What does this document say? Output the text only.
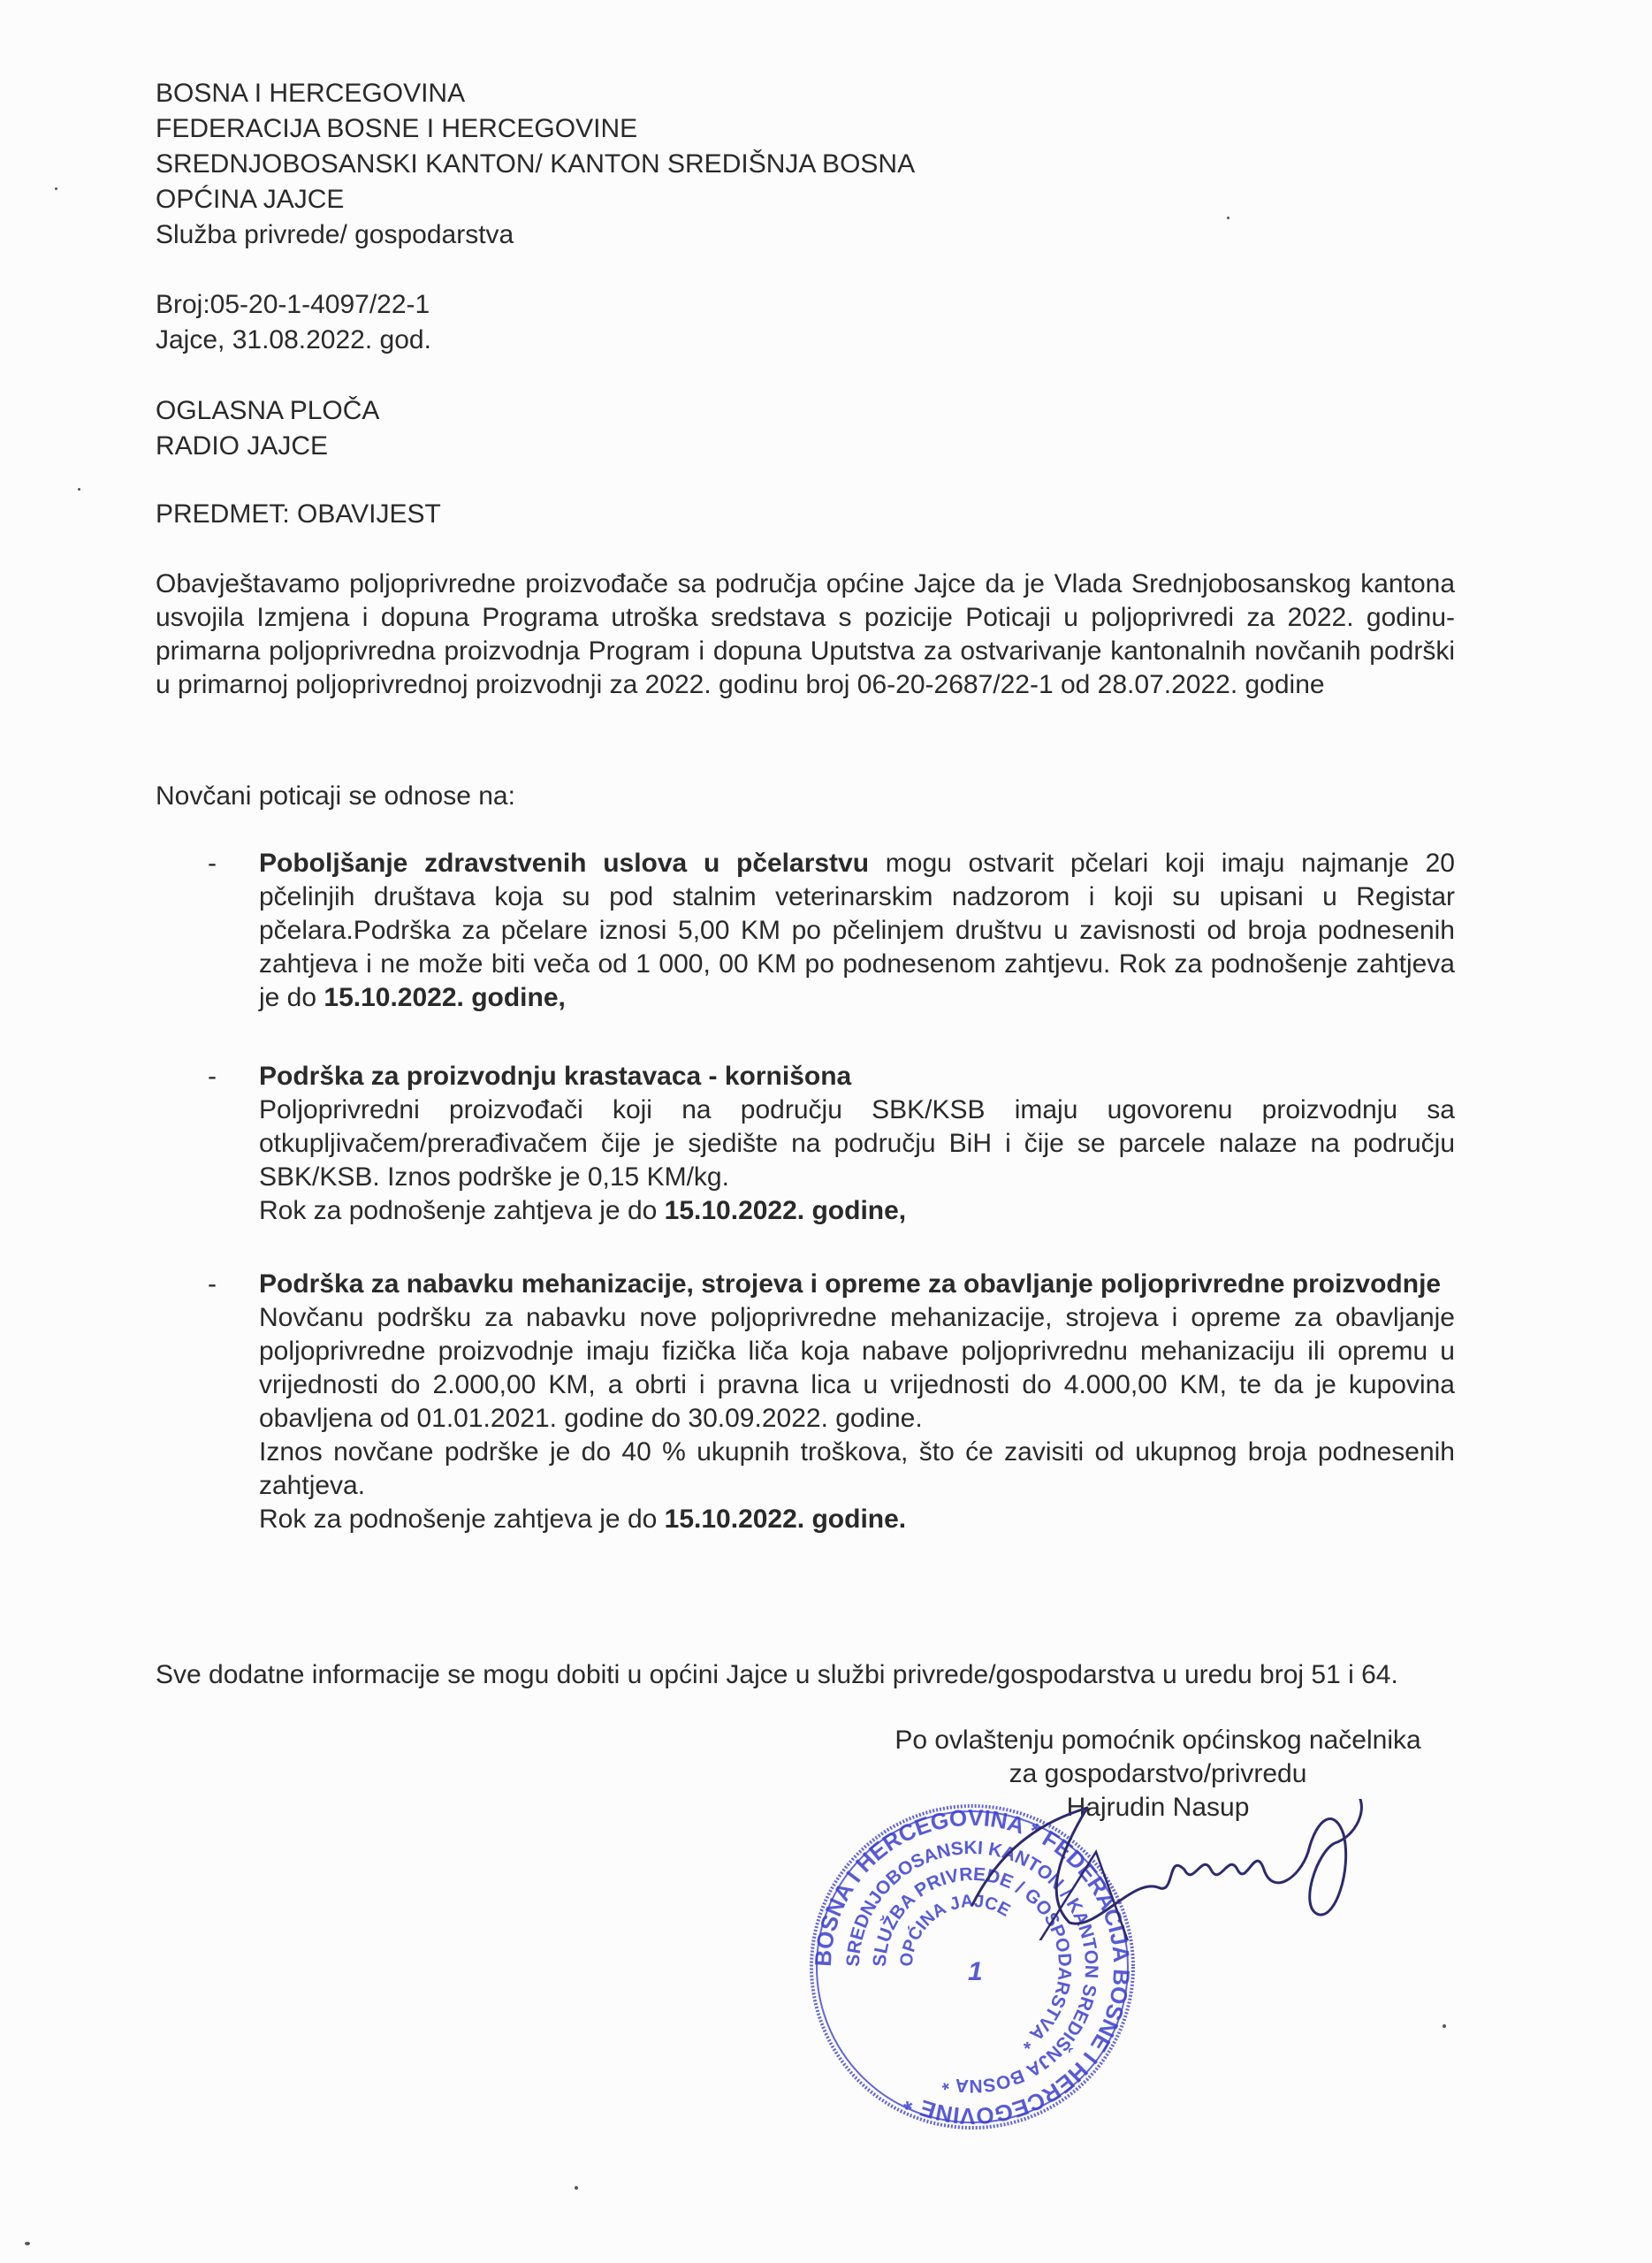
BOSNA I HERCEGOVINA
FEDERACIJA BOSNE I HERCEGOVINE
SREDNJOBOSANSKI KANTON/ KANTON SREDIŠNJA BOSNA
OPĆINA JAJCE
Služba privrede/ gospodarstva
Broj:05-20-1-4097/22-1
Jajce, 31.08.2022. god.
OGLASNA PLOČA
RADIO JAJCE
PREDMET: OBAVIJEST
Obavještavamo poljoprivredne proizvođače sa područja općine Jajce da je Vlada Srednjobosanskog kantona usvojila Izmjena i dopuna Programa utroška sredstava s pozicije Poticaji u poljoprivredi za 2022. godinu-primarna poljoprivredna proizvodnja Program i dopuna Uputstva za ostvarivanje kantonalnih novčanih podrški u primarnoj poljoprivrednoj proizvodnji za 2022. godinu broj 06-20-2687/22-1 od 28.07.2022. godine
Novčani poticaji se odnose na:
-	Poboljšanje zdravstvenih uslova u pčelarstvu mogu ostvarit pčelari koji imaju najmanje 20 pčelinjih društava koja su pod stalnim veterinarskim nadzorom i koji su upisani u Registar pčelara.Podrška za pčelare iznosi 5,00 KM po pčelinjem društvu u zavisnosti od broja podnesenih zahtjeva i ne može biti veča od 1 000, 00 KM po podnesenom zahtjevu. Rok za podnošenje zahtjeva je do 15.10.2022. godine,
-	Podrška za proizvodnju krastavaca - kornišona
Poljoprivredni proizvođači koji na području SBK/KSB imaju ugovorenu proizvodnju sa otkupljivačem/prerađivačem čije je sjedište na području BiH i čije se parcele nalaze na području SBK/KSB. Iznos podrške je 0,15 KM/kg.
Rok za podnošenje zahtjeva je do 15.10.2022. godine,
-	Podrška za nabavku mehanizacije, strojeva i opreme za obavljanje poljoprivredne proizvodnje
Novčanu podršku za nabavku nove poljoprivredne mehanizacije, strojeva i opreme za obavljanje poljoprivredne proizvodnje imaju fizička liča koja nabave poljoprivrednu mehanizaciju ili opremu u vrijednosti do 2.000,00 KM, a obrti i pravna lica u vrijednosti do 4.000,00 KM, te da je kupovina obavljena od 01.01.2021. godine do 30.09.2022. godine.
Iznos novčane podrške je do 40 % ukupnih troškova, što će zavisiti od ukupnog broja podnesenih zahtjeva.
Rok za podnošenje zahtjeva je do 15.10.2022. godine.
Sve dodatne informacije se mogu dobiti u općini Jajce u službi privrede/gospodarstva u uredu broj 51 i 64.
Po ovlaštenju pomoćnik općinskog načelnika
za gospodarstvo/privredu
Hajrudin Nasup
BOSNA I HERCEGOVINA * FEDERACIJA BOSNE I HERCEGOVINE *
SREDNJOBOSANSKI KANTON / KANTON SREDIŠNJA BOSNA *
SLUŽBA PRIVREDE / GOSPODARSTVA *
OPĆINA JAJCE
1
